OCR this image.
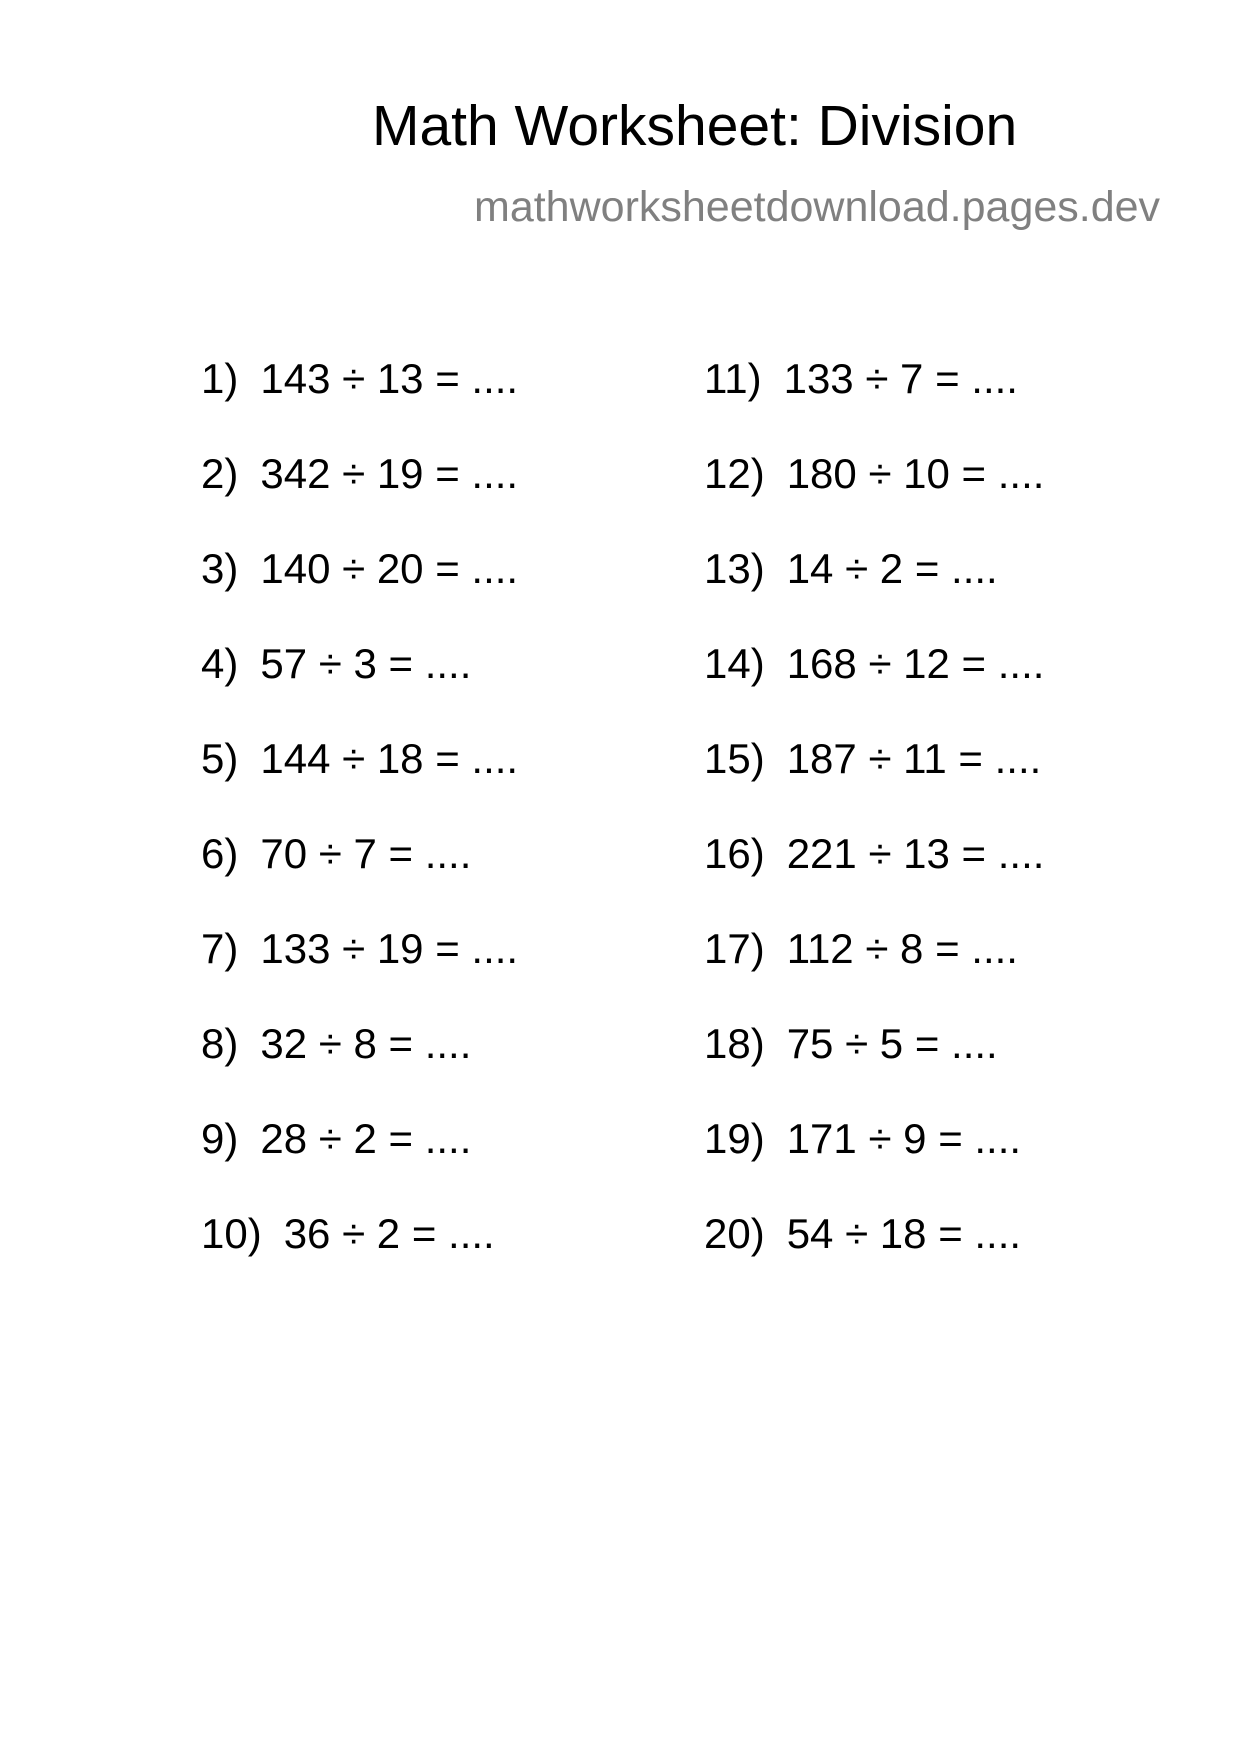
Math Worksheet: Division
mathworksheetdownload.pages.dev
1) 143 ÷ 13 = ....
2) 342 ÷ 19 = ....
3) 140 ÷ 20 = ....
4) 57 ÷ 3 = ....
5) 144 ÷ 18 = ....
6) 70 ÷ 7 = ....
7) 133 ÷ 19 = ....
8) 32 ÷ 8 = ....
9) 28 ÷ 2 = ....
10) 36 ÷ 2 = ....
11) 133 ÷ 7 = ....
12) 180 ÷ 10 = ....
13) 14 ÷ 2 = ....
14) 168 ÷ 12 = ....
15) 187 ÷ 11 = ....
16) 221 ÷ 13 = ....
17) 112 ÷ 8 = ....
18) 75 ÷ 5 = ....
19) 171 ÷ 9 = ....
20) 54 ÷ 18 = ....
